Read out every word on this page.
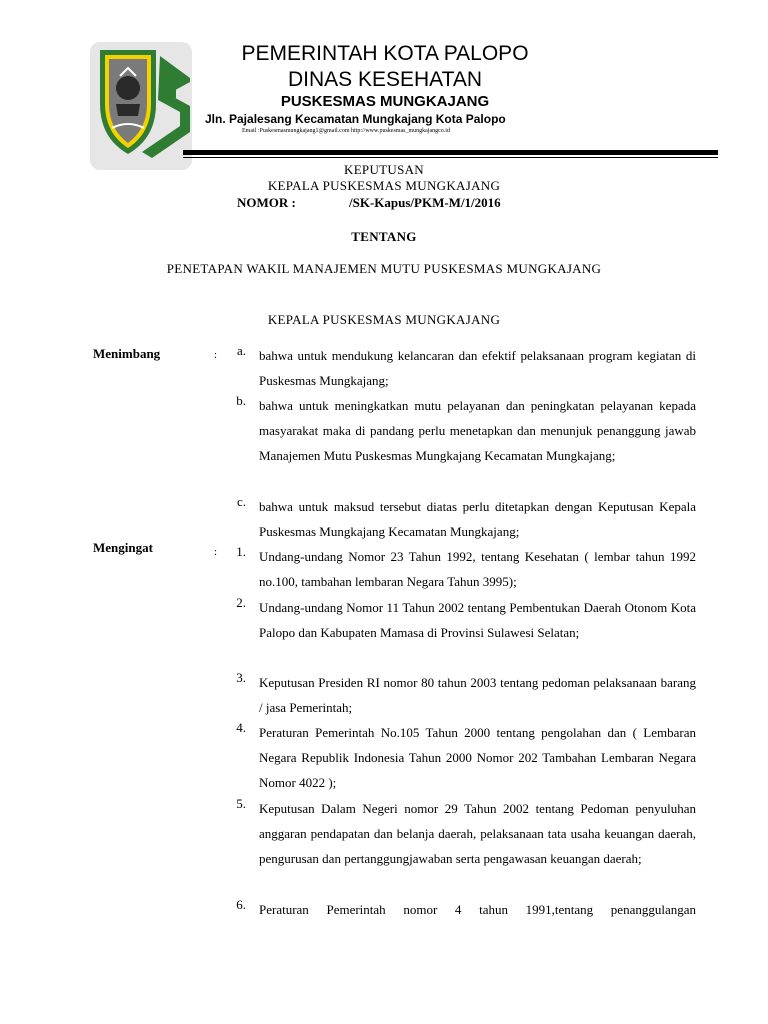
PEMERINTAH KOTA PALOPO
DINAS KESEHATAN
PUSKESMAS MUNGKAJANG
Jln. Pajalesang Kecamatan Mungkajang Kota Palopo
Email :Puskesmasmungkajang1@gmail.com http://www.puskesmas_mungkajangco.id
KEPUTUSAN
KEPALA PUSKESMAS MUNGKAJANG
NOMOR :	/SK-Kapus/PKM-M/1/2016
TENTANG
PENETAPAN WAKIL MANAJEMEN MUTU PUSKESMAS MUNGKAJANG
KEPALA PUSKESMAS MUNGKAJANG
Menimbang	:	a. bahwa untuk mendukung kelancaran dan efektif pelaksanaan program kegiatan di Puskesmas Mungkajang;
b. bahwa untuk meningkatkan mutu pelayanan dan peningkatan pelayanan kepada masyarakat maka di pandang perlu menetapkan dan menunjuk penanggung jawab Manajemen Mutu Puskesmas Mungkajang Kecamatan Mungkajang;
c. bahwa untuk maksud tersebut diatas perlu ditetapkan dengan Keputusan Kepala Puskesmas Mungkajang Kecamatan Mungkajang;
Mengingat	:	1. Undang-undang Nomor 23 Tahun 1992, tentang Kesehatan ( lembar tahun 1992 no.100, tambahan lembaran Negara Tahun 3995);
2. Undang-undang Nomor 11 Tahun 2002 tentang Pembentukan Daerah Otonom Kota Palopo dan Kabupaten Mamasa di Provinsi Sulawesi Selatan;
3. Keputusan Presiden RI nomor 80 tahun 2003 tentang pedoman pelaksanaan barang / jasa Pemerintah;
4. Peraturan Pemerintah No.105 Tahun 2000 tentang pengolahan dan ( Lembaran Negara Republik Indonesia Tahun 2000 Nomor 202 Tambahan Lembaran Negara Nomor 4022 );
5. Keputusan Dalam Negeri nomor 29 Tahun 2002 tentang Pedoman penyuluhan anggaran pendapatan dan belanja daerah, pelaksanaan tata usaha keuangan daerah, pengurusan dan pertanggungjawaban serta pengawasan keuangan daerah;
6. Peraturan Pemerintah nomor 4 tahun 1991,tentang penanggulangan
